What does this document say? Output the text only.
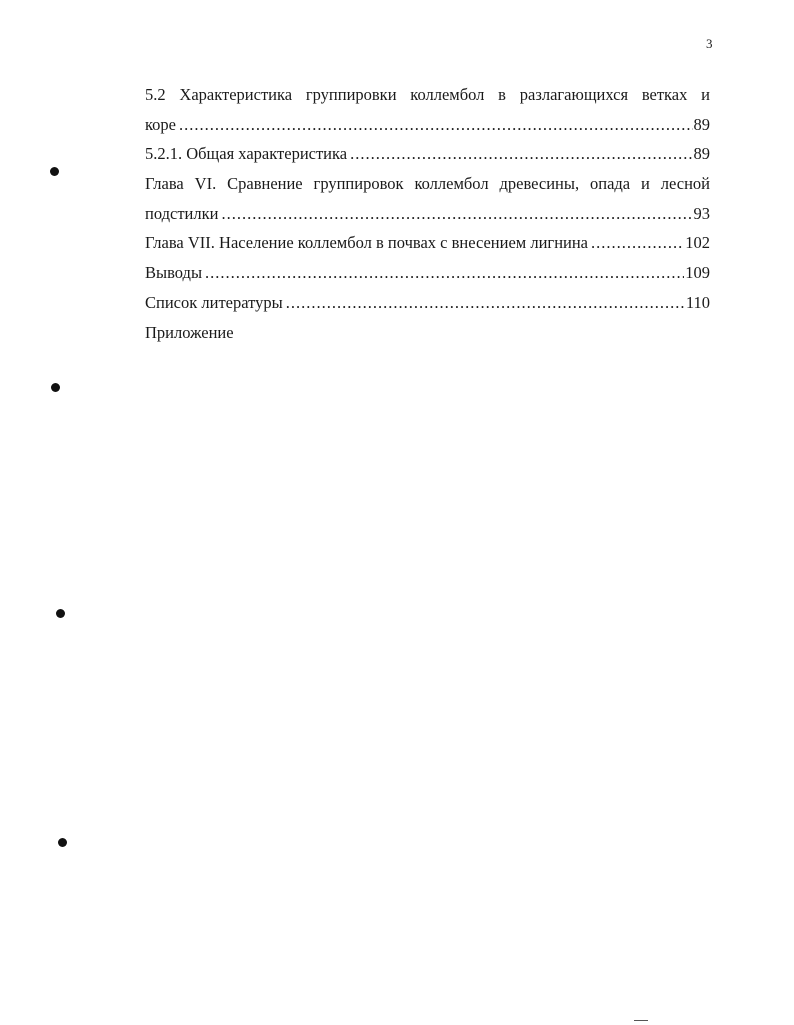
3
5.2 Характеристика группировки коллембол в разлагающихся ветках и
коре .....	89
5.2.1. Общая характеристика .....	89
Глава VI. Сравнение группировок коллембол древесины, опада и лесной
подстилки .....	93
Глава VII. Население коллембол в почвах с внесением лигнина .....	102
Выводы .....	109
Список литературы .....	110
Приложение
